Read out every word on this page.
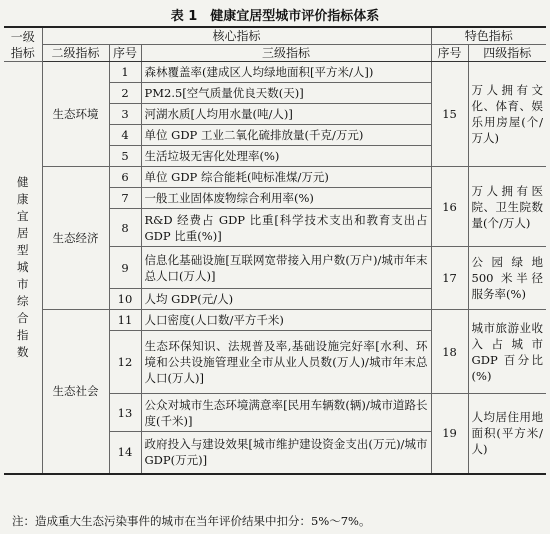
表 1　健康宜居型城市评价指标体系
一级指标	核心指标			特色指标	
	二级指标	序号	三级指标	序号	四级指标
健康宜居型城市综合指数	生态环境	1	森林覆盖率(建成区人均绿地面积[平方米/人])	15	万人拥有文化、体育、娱乐用房屋(个/万人)
		2	PM2.5[空气质量优良天数(天)]		
		3	河湖水质[人均用水量(吨/人)]		
		4	单位 GDP 工业二氧化硫排放量(千克/万元)		
		5	生活垃圾无害化处理率(%)		
	生态经济	6	单位 GDP 综合能耗(吨标准煤/万元)	16	万人拥有医院、卫生院数量(个/万人)
		7	一般工业固体废物综合利用率(%)		
		8	R&D 经费占 GDP 比重[科学技术支出和教育支出占 GDP 比重(%)]		
		9	信息化基础设施[互联网宽带接入用户数(万户)/城市年末总人口(万人)]	17	公园绿地 500 米半径服务率(%)
		10	人均 GDP(元/人)		
	生态社会	11	人口密度(人口数/平方千米)	18	城市旅游业收入占城市 GDP 百分比(%)
		12	生态环保知识、法规普及率,基础设施完好率[水利、环境和公共设施管理业全市从业人员数(万人)/城市年末总人口(万人)]		
		13	公众对城市生态环境满意率[民用车辆数(辆)/城市道路长度(千米)]	19	人均居住用地面积(平方米/人)
		14	政府投入与建设效果[城市维护建设资金支出(万元)/城市 GDP(万元)]		
注：造成重大生态污染事件的城市在当年评价结果中扣分：5%～7%。
